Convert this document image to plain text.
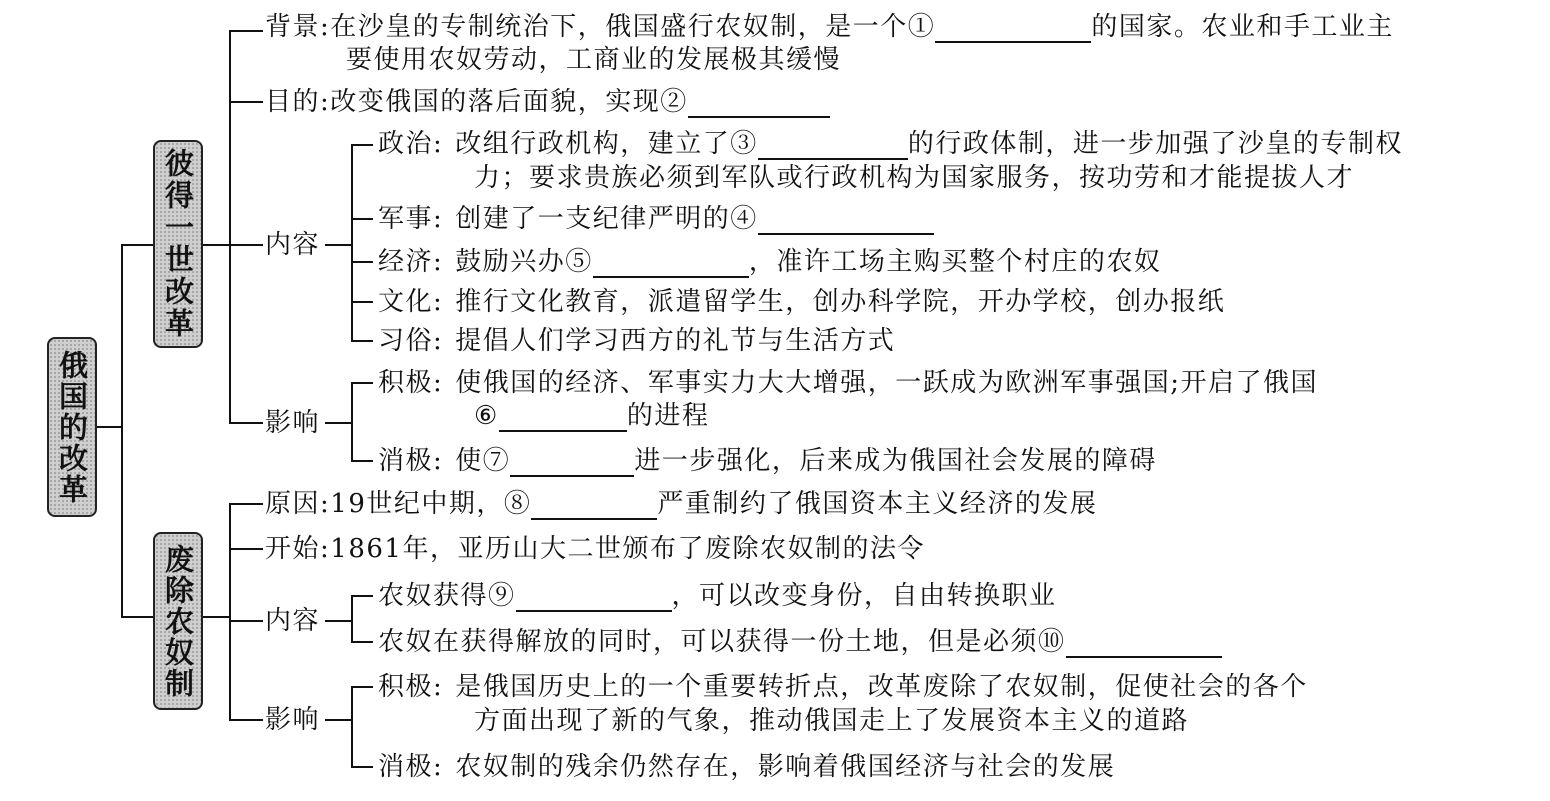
俄国的改革
彼得一世改革
废除农奴制
背景:在沙皇的专制统治下，俄国盛行农奴制，是一个①	的国家。农业和手工业主
要使用农奴劳动，工商业的发展极其缓慢
目的:改变俄国的落后面貌，实现②
内容
政治: 改组行政机构，建立了③	的行政体制，进一步加强了沙皇的专制权
力；要求贵族必须到军队或行政机构为国家服务，按功劳和才能提拔人才
军事: 创建了一支纪律严明的④
经济: 鼓励兴办⑤	，准许工场主购买整个村庄的农奴
文化: 推行文化教育，派遣留学生，创办科学院，开办学校，创办报纸
习俗: 提倡人们学习西方的礼节与生活方式
影响
积极: 使俄国的经济、军事实力大大增强，一跃成为欧洲军事强国;开启了俄国
⑥	的进程
消极: 使⑦	进一步强化，后来成为俄国社会发展的障碍
原因:19世纪中期，⑧	严重制约了俄国资本主义经济的发展
开始:1861年，亚历山大二世颁布了废除农奴制的法令
内容
农奴获得⑨	，可以改变身份，自由转换职业
农奴在获得解放的同时，可以获得一份土地，但是必须⑩
影响
积极: 是俄国历史上的一个重要转折点，改革废除了农奴制，促使社会的各个
方面出现了新的气象，推动俄国走上了发展资本主义的道路
消极: 农奴制的残余仍然存在，影响着俄国经济与社会的发展
